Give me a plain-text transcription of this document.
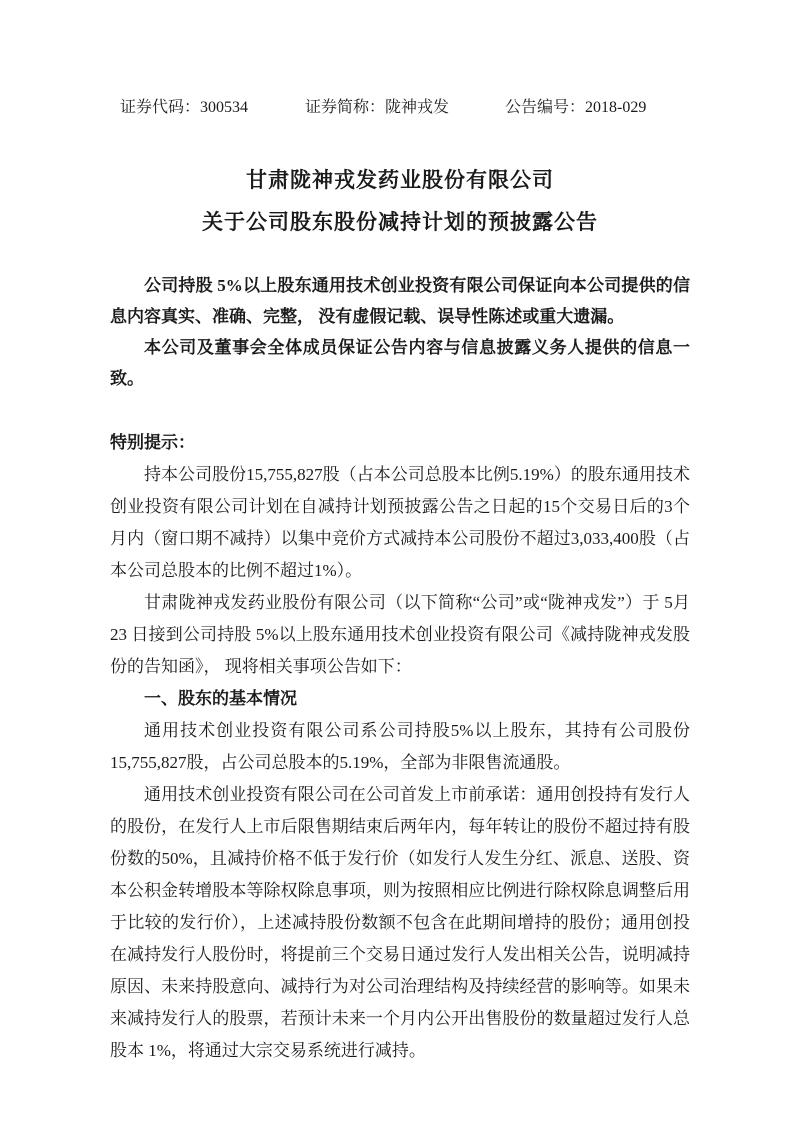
证券代码：300534	证券简称：陇神戎发	公告编号：2018-029
甘肃陇神戎发药业股份有限公司
关于公司股东股份减持计划的预披露公告

公司持股 5%以上股东通用技术创业投资有限公司保证向本公司提供的信息内容真实、准确、完整， 没有虚假记载、误导性陈述或重大遗漏。

本公司及董事会全体成员保证公告内容与信息披露义务人提供的信息一致。

特别提示：

持本公司股份15,755,827股（占本公司总股本比例5.19%）的股东通用技术创业投资有限公司计划在自减持计划预披露公告之日起的15个交易日后的3个月内（窗口期不减持）以集中竞价方式减持本公司股份不超过3,033,400股（占本公司总股本的比例不超过1%）。

甘肃陇神戎发药业股份有限公司（以下简称“公司”或“陇神戎发”）于 5月 23 日接到公司持股 5%以上股东通用技术创业投资有限公司《减持陇神戎发股份的告知函》， 现将相关事项公告如下：

一、股东的基本情况

通用技术创业投资有限公司系公司持股5%以上股东，其持有公司股份15,755,827股，占公司总股本的5.19%，全部为非限售流通股。

通用技术创业投资有限公司在公司首发上市前承诺：通用创投持有发行人的股份，在发行人上市后限售期结束后两年内，每年转让的股份不超过持有股份数的50%，且减持价格不低于发行价（如发行人发生分红、派息、送股、资本公积金转增股本等除权除息事项，则为按照相应比例进行除权除息调整后用于比较的发行价），上述减持股份数额不包含在此期间增持的股份；通用创投在减持发行人股份时，将提前三个交易日通过发行人发出相关公告，说明减持原因、未来持股意向、减持行为对公司治理结构及持续经营的影响等。如果未来减持发行人的股票，若预计未来一个月内公开出售股份的数量超过发行人总股本 1%，将通过大宗交易系统进行减持。
